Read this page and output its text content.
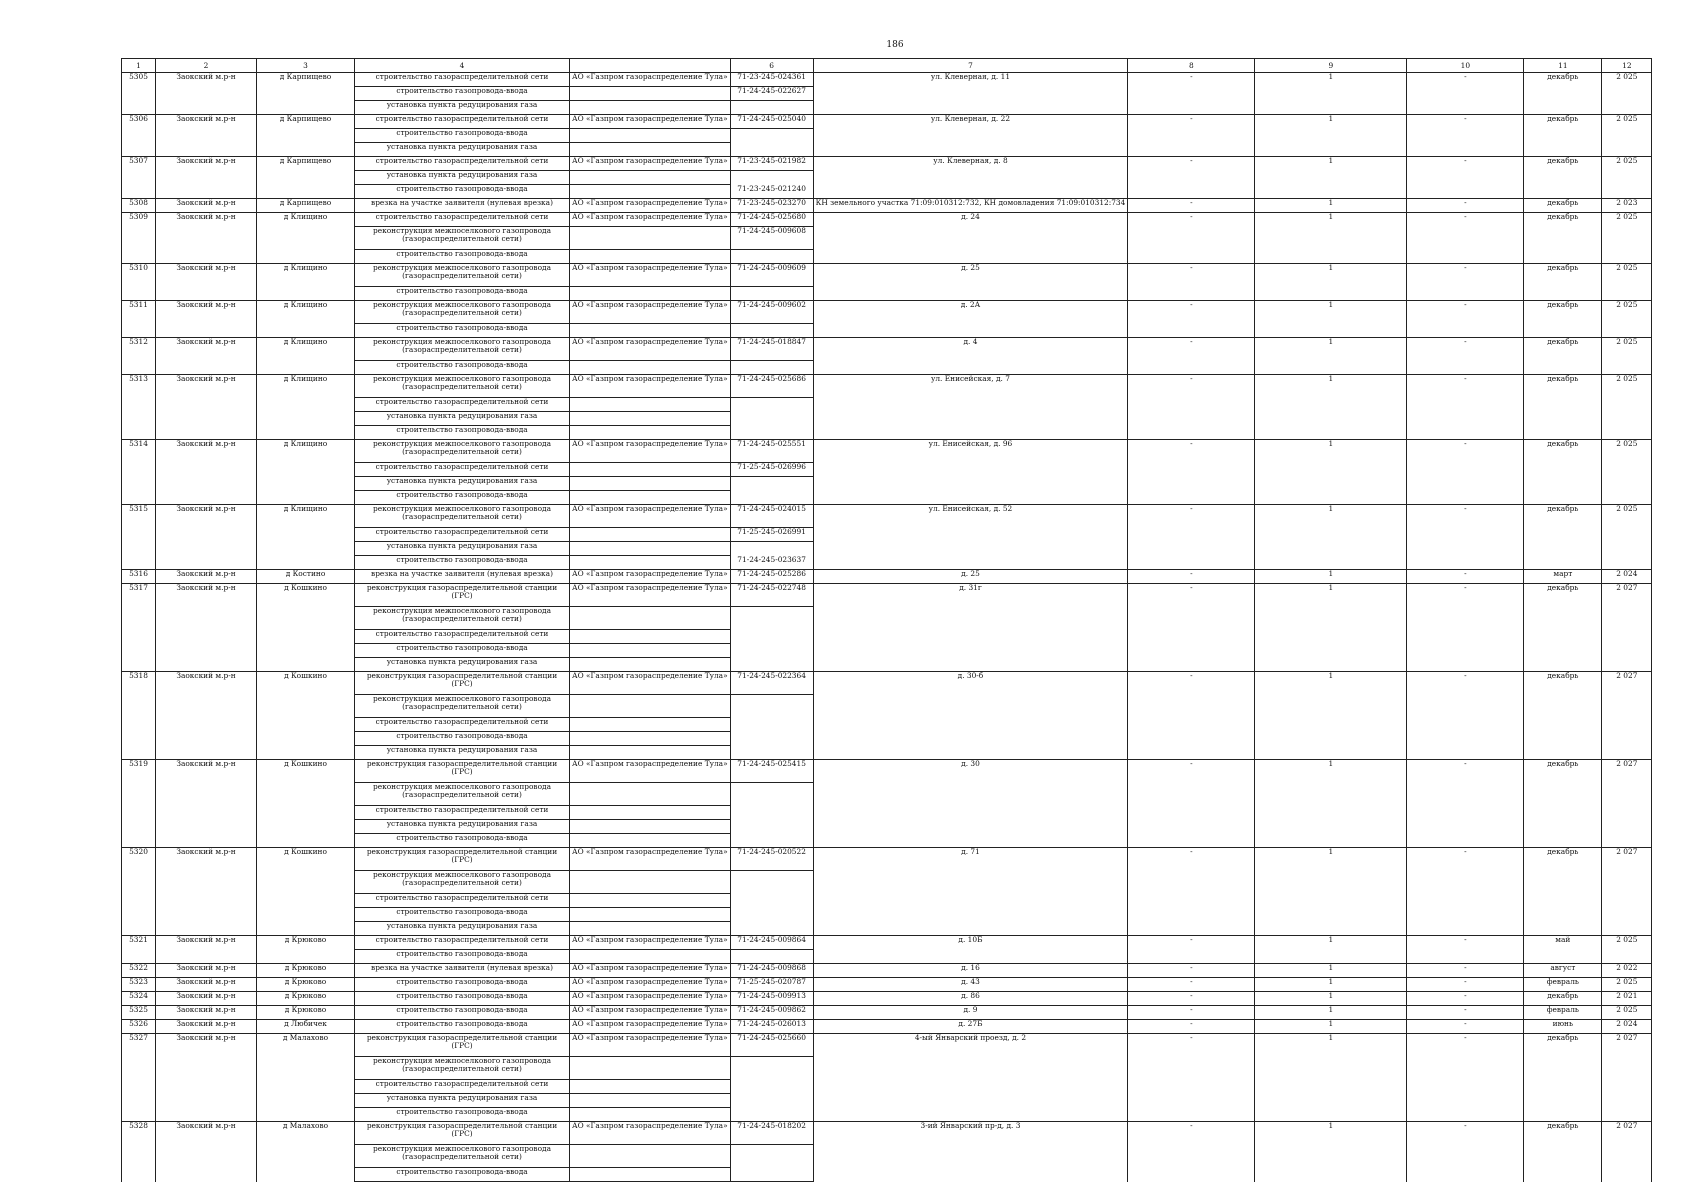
186
1	2	3	4		6	7	8	9	10	11	12
5305	Заокский м.р-н	д Карпищево	строительство газораспределительной сети	АО «Газпром газораспределение Тула»	71-23-245-024361	ул. Клеверная, д. 11	-	1	-	декабрь	2 025
			строительство газопровода-ввода		71-24-245-022627						
			установка пункта редуцирования газа								
5306	Заокский м.р-н	д Карпищево	строительство газораспределительной сети	АО «Газпром газораспределение Тула»	71-24-245-025040	ул. Клеверная, д. 22	-	1	-	декабрь	2 025
			строительство газопровода-ввода								
			установка пункта редуцирования газа								
5307	Заокский м.р-н	д Карпищево	строительство газораспределительной сети	АО «Газпром газораспределение Тула»	71-23-245-021982	ул. Клеверная, д. 8	-	1	-	декабрь	2 025
			установка пункта редуцирования газа								
			строительство газопровода-ввода		71-23-245-021240						
5308	Заокский м.р-н	д Карпищево	врезка на участке заявителя (нулевая врезка)	АО «Газпром газораспределение Тула»	71-23-245-023270	КН земельного участка 71:09:010312:732, КН домовладения 71:09:010312:734	-	1	-	декабрь	2 023
5309	Заокский м.р-н	д Клищино	строительство газораспределительной сети	АО «Газпром газораспределение Тула»	71-24-245-025680	д. 24	-	1	-	декабрь	2 025
			реконструкция межпоселкового газопровода (газораспределительной сети)		71-24-245-009608						
			строительство газопровода-ввода								
5310	Заокский м.р-н	д Клищино	реконструкция межпоселкового газопровода (газораспределительной сети)	АО «Газпром газораспределение Тула»	71-24-245-009609	д. 25	-	1	-	декабрь	2 025
			строительство газопровода-ввода								
5311	Заокский м.р-н	д Клищино	реконструкция межпоселкового газопровода (газораспределительной сети)	АО «Газпром газораспределение Тула»	71-24-245-009602	д. 2А	-	1	-	декабрь	2 025
			строительство газопровода-ввода								
5312	Заокский м.р-н	д Клищино	реконструкция межпоселкового газопровода (газораспределительной сети)	АО «Газпром газораспределение Тула»	71-24-245-018847	д. 4	-	1	-	декабрь	2 025
			строительство газопровода-ввода								
5313	Заокский м.р-н	д Клищино	реконструкция межпоселкового газопровода (газораспределительной сети)	АО «Газпром газораспределение Тула»	71-24-245-025686	ул. Енисейская, д. 7	-	1	-	декабрь	2 025
			строительство газораспределительной сети								
			установка пункта редуцирования газа								
			строительство газопровода-ввода								
5314	Заокский м.р-н	д Клищино	реконструкция межпоселкового газопровода (газораспределительной сети)	АО «Газпром газораспределение Тула»	71-24-245-025551	ул. Енисейская, д. 96	-	1	-	декабрь	2 025
			строительство газораспределительной сети		71-25-245-026996						
			установка пункта редуцирования газа								
			строительство газопровода-ввода								
5315	Заокский м.р-н	д Клищино	реконструкция межпоселкового газопровода (газораспределительной сети)	АО «Газпром газораспределение Тула»	71-24-245-024015	ул. Енисейская, д. 52	-	1	-	декабрь	2 025
			строительство газораспределительной сети		71-25-245-026991						
			установка пункта редуцирования газа								
			строительство газопровода-ввода		71-24-245-023637						
5316	Заокский м.р-н	д Костино	врезка на участке заявителя (нулевая врезка)	АО «Газпром газораспределение Тула»	71-24-245-025286	д. 25	-	1	-	март	2 024
5317	Заокский м.р-н	д Кошкино	реконструкция газораспределительной станции (ГРС)	АО «Газпром газораспределение Тула»	71-24-245-022748	д. 31г	-	1	-	декабрь	2 027
			реконструкция межпоселкового газопровода (газораспределительной сети)								
			строительство газораспределительной сети								
			строительство газопровода-ввода								
			установка пункта редуцирования газа								
5318	Заокский м.р-н	д Кошкино	реконструкция газораспределительной станции (ГРС)	АО «Газпром газораспределение Тула»	71-24-245-022364	д. 30-б	-	1	-	декабрь	2 027
			реконструкция межпоселкового газопровода (газораспределительной сети)								
			строительство газораспределительной сети								
			строительство газопровода-ввода								
			установка пункта редуцирования газа								
5319	Заокский м.р-н	д Кошкино	реконструкция газораспределительной станции (ГРС)	АО «Газпром газораспределение Тула»	71-24-245-025415	д. 30	-	1	-	декабрь	2 027
			реконструкция межпоселкового газопровода (газораспределительной сети)								
			строительство газораспределительной сети								
			установка пункта редуцирования газа								
			строительство газопровода-ввода								
5320	Заокский м.р-н	д Кошкино	реконструкция газораспределительной станции (ГРС)	АО «Газпром газораспределение Тула»	71-24-245-020522	д. 71	-	1	-	декабрь	2 027
			реконструкция межпоселкового газопровода (газораспределительной сети)								
			строительство газораспределительной сети								
			строительство газопровода-ввода								
			установка пункта редуцирования газа								
5321	Заокский м.р-н	д Крюково	строительство газораспределительной сети	АО «Газпром газораспределение Тула»	71-24-245-009864	д. 10Б	-	1	-	май	2 025
			строительство газопровода-ввода								
5322	Заокский м.р-н	д Крюково	врезка на участке заявителя (нулевая врезка)	АО «Газпром газораспределение Тула»	71-24-245-009868	д. 16	-	1	-	август	2 022
5323	Заокский м.р-н	д Крюково	строительство газопровода-ввода	АО «Газпром газораспределение Тула»	71-25-245-020787	д. 43	-	1	-	февраль	2 025
5324	Заокский м.р-н	д Крюково	строительство газопровода-ввода	АО «Газпром газораспределение Тула»	71-24-245-009913	д. 86	-	1	-	декабрь	2 021
5325	Заокский м.р-н	д Крюково	строительство газопровода-ввода	АО «Газпром газораспределение Тула»	71-24-245-009862	д. 9	-	1	-	февраль	2 025
5326	Заокский м.р-н	д Любичек	строительство газопровода-ввода	АО «Газпром газораспределение Тула»	71-24-245-026013	д. 27Б	-	1	-	июнь	2 024
5327	Заокский м.р-н	д Малахово	реконструкция газораспределительной станции (ГРС)	АО «Газпром газораспределение Тула»	71-24-245-025660	4-ый Январский проезд, д. 2	-	1	-	декабрь	2 027
			реконструкция межпоселкового газопровода (газораспределительной сети)								
			строительство газораспределительной сети								
			установка пункта редуцирования газа								
			строительство газопровода-ввода								
5328	Заокский м.р-н	д Малахово	реконструкция газораспределительной станции (ГРС)	АО «Газпром газораспределение Тула»	71-24-245-018202	3-ий Январский пр-д, д. 3	-	1	-	декабрь	2 027
			реконструкция межпоселкового газопровода (газораспределительной сети)								
			строительство газопровода-ввода								
